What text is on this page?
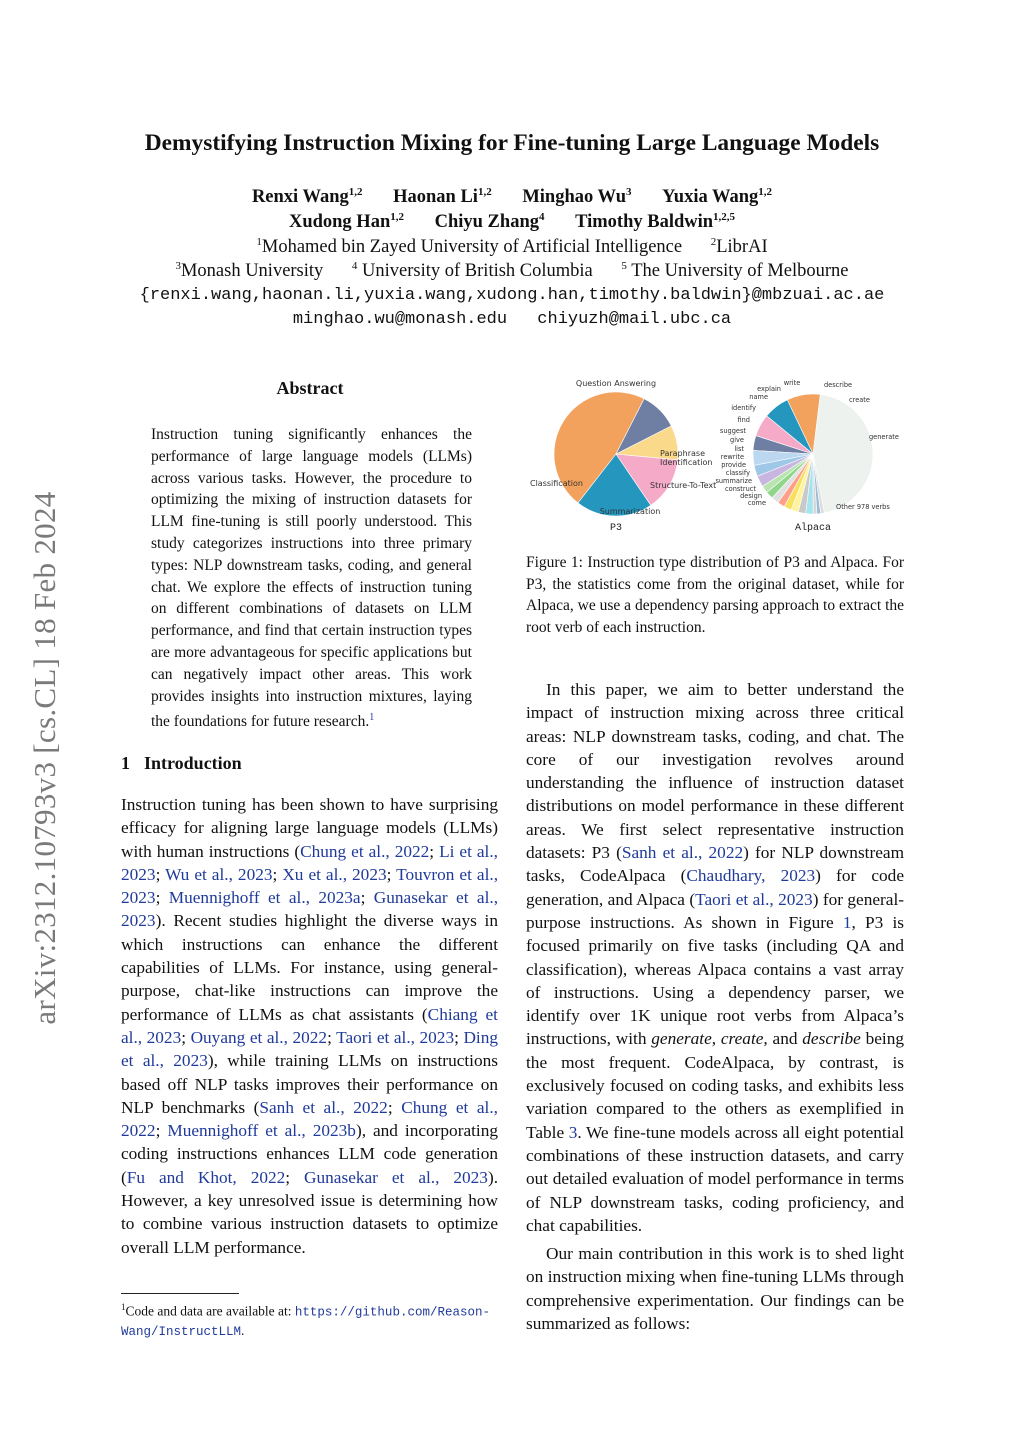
Demystifying Instruction Mixing for Fine-tuning Large Language Models
Renxi Wang$^{1,2}$ Haonan Li$^{1,2}$ Minghao Wu$^3$ Yuxia Wang$^{1,2}$
Xudong Han$^{1,2}$ Chiyu Zhang$^4$ Timothy Baldwin$^{1,2,5}$
$^1$Mohamed bin Zayed University of Artificial Intelligence	$^2$LibrAI
$^3$Monash University	$^4$ University of British Columbia	$^5$ The University of Melbourne
{renxi.wang,haonan.li,yuxia.wang,xudong.han,timothy.baldwin}@mbzuai.ac.ae
minghao.wu@monash.edu chiyuzh@mail.ubc.ca
arXiv:2312.10793v3 [cs.CL] 18 Feb 2024
Abstract
Instruction tuning significantly enhances the performance of large language models (LLMs) across various tasks. However, the procedure to optimizing the mixing of instruction datasets for LLM fine-tuning is still poorly understood. This study categorizes instructions into three primary types: NLP downstream tasks, coding, and general chat. We explore the effects of instruction tuning on different combinations of datasets on LLM performance, and find that certain instruction types are more advantageous for specific applications but can negatively impact other areas. This work provides insights into instruction mixtures, laying the foundations for future research.$^1$
1 Introduction
Instruction tuning has been shown to have surprising efficacy for aligning large language models (LLMs) with human instructions (Chung et al., 2022; Li et al., 2023; Wu et al., 2023; Xu et al., 2023; Touvron et al., 2023; Muennighoff et al., 2023a; Gunasekar et al., 2023). Recent studies highlight the diverse ways in which instructions can enhance the different capabilities of LLMs. For instance, using general-purpose, chat-like instructions can improve the performance of LLMs as chat assistants (Chiang et al., 2023; Ouyang et al., 2022; Taori et al., 2023; Ding et al., 2023), while training LLMs on instructions based off NLP tasks improves their performance on NLP benchmarks (Sanh et al., 2022; Chung et al., 2022; Muennighoff et al., 2023b), and incorporating coding instructions enhances LLM code generation (Fu and Khot, 2022; Gunasekar et al., 2023). However, a key unresolved issue is determining how to combine various instruction datasets to optimize overall LLM performance.
$^1$Code and data are available at: https://github.com/Reason-Wang/InstructLLM.
Question Answering
Classification
Summarization
Structure-To-Text
Paraphrase Identification
generate
create
describe
write
explain
name
identify
find
suggest
give
list
rewrite
provide
classify
summarize
construct
design
come	Other 978 verbs
P3	Alpaca
Figure 1: Instruction type distribution of P3 and Alpaca. For P3, the statistics come from the original dataset, while for Alpaca, we use a dependency parsing approach to extract the root verb of each instruction.
In this paper, we aim to better understand the impact of instruction mixing across three critical areas: NLP downstream tasks, coding, and chat. The core of our investigation revolves around understanding the influence of instruction dataset distributions on model performance in these different areas. We first select representative instruction datasets: P3 (Sanh et al., 2022) for NLP downstream tasks, CodeAlpaca (Chaudhary, 2023) for code generation, and Alpaca (Taori et al., 2023) for general-purpose instructions. As shown in Figure 1, P3 is focused primarily on five tasks (including QA and classification), whereas Alpaca contains a vast array of instructions. Using a dependency parser, we identify over 1K unique root verbs from Alpaca’s instructions, with generate, create, and describe being the most frequent. CodeAlpaca, by contrast, is exclusively focused on coding tasks, and exhibits less variation compared to the others as exemplified in Table 3. We fine-tune models across all eight potential combinations of these instruction datasets, and carry out detailed evaluation of model performance in terms of NLP downstream tasks, coding proficiency, and chat capabilities.
Our main contribution in this work is to shed light on instruction mixing when fine-tuning LLMs through comprehensive experimentation. Our findings can be summarized as follows:
